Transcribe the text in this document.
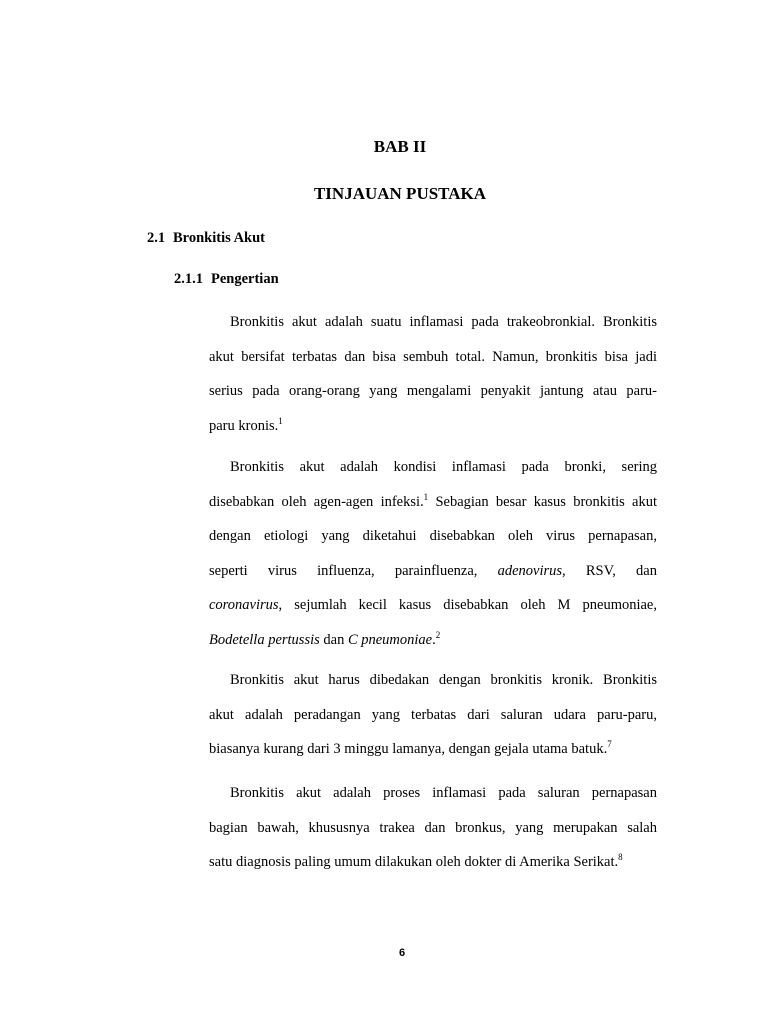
BAB II
TINJAUAN PUSTAKA
2.1 Bronkitis Akut
2.1.1 Pengertian
Bronkitis akut adalah suatu inflamasi pada trakeobronkial. Bronkitis
akut bersifat terbatas dan bisa sembuh total. Namun, bronkitis bisa jadi
serius pada orang-orang yang mengalami penyakit jantung atau paru-
paru kronis.$^1$
Bronkitis akut adalah kondisi inflamasi pada bronki, sering
disebabkan oleh agen-agen infeksi.$^1$ Sebagian besar kasus bronkitis akut
dengan etiologi yang diketahui disebabkan oleh virus pernapasan,
seperti virus influenza, parainfluenza, adenovirus, RSV, dan
coronavirus, sejumlah kecil kasus disebabkan oleh M pneumoniae,
Bodetella pertussis dan C pneumoniae.$^2$
Bronkitis akut harus dibedakan dengan bronkitis kronik. Bronkitis
akut adalah peradangan yang terbatas dari saluran udara paru-paru,
biasanya kurang dari 3 minggu lamanya, dengan gejala utama batuk.$^7$
Bronkitis akut adalah proses inflamasi pada saluran pernapasan
bagian bawah, khususnya trakea dan bronkus, yang merupakan salah
satu diagnosis paling umum dilakukan oleh dokter di Amerika Serikat.$^8$
6
